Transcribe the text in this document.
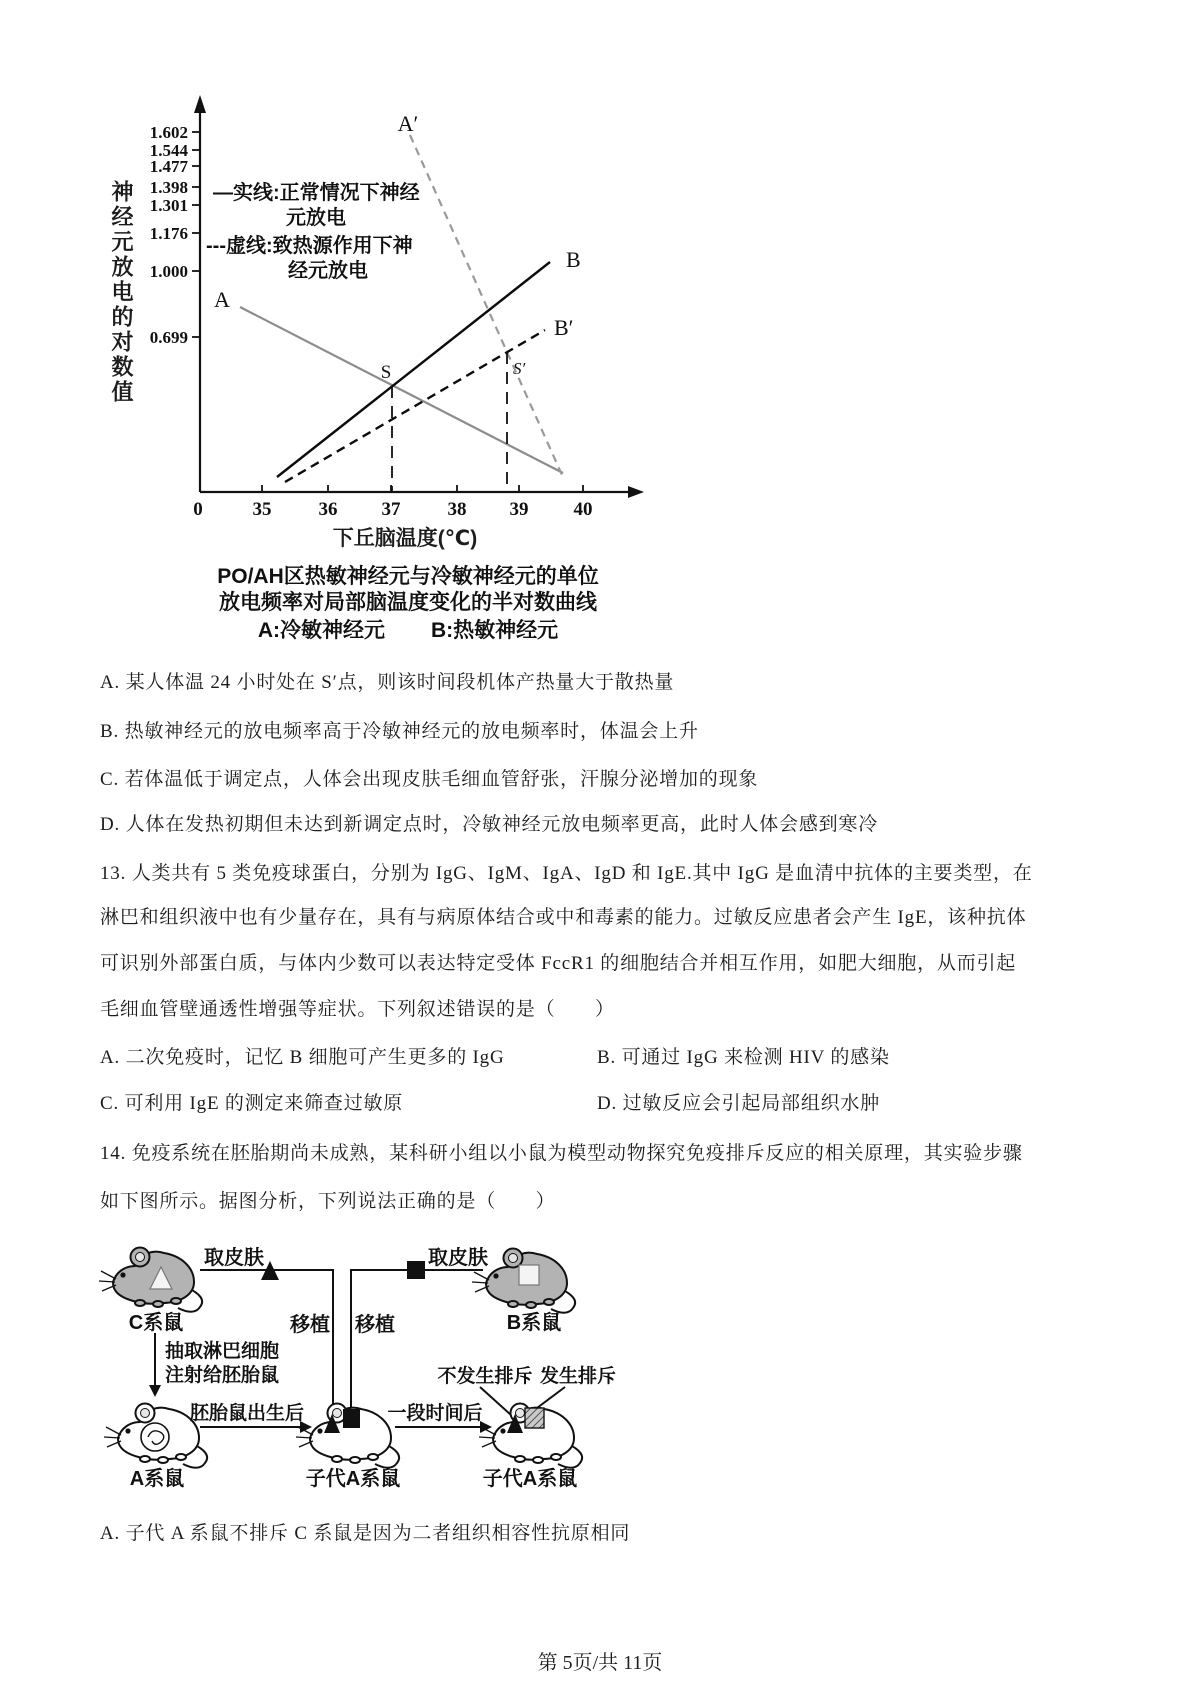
1.602
1.544
1.477
1.398
1.301
1.176
1.000
0.699
0	35 36 37 38 39 40
A
A′
B
B′
S	S′
神经元放电的对数值	—实线:正常情况下神经
元放电
---虚线:致热源作用下神
经元放电
下丘脑温度(℃)
PO/AH区热敏神经元与冷敏神经元的单位
放电频率对局部脑温度变化的半对数曲线
A:冷敏神经元 B:热敏神经元
A. 某人体温 24 小时处在 S′点，则该时间段机体产热量大于散热量
B. 热敏神经元的放电频率高于冷敏神经元的放电频率时，体温会上升
C. 若体温低于调定点，人体会出现皮肤毛细血管舒张，汗腺分泌增加的现象
D. 人体在发热初期但未达到新调定点时，冷敏神经元放电频率更高，此时人体会感到寒冷
13. 人类共有 5 类免疫球蛋白，分别为 IgG、IgM、IgA、IgD 和 IgE.其中 IgG 是血清中抗体的主要类型，在
淋巴和组织液中也有少量存在，具有与病原体结合或中和毒素的能力。过敏反应患者会产生 IgE，该种抗体
可识别外部蛋白质，与体内少数可以表达特定受体 FccR1 的细胞结合并相互作用，如肥大细胞，从而引起
毛细血管壁通透性增强等症状。下列叙述错误的是（　　）
A. 二次免疫时，记忆 B 细胞可产生更多的 IgG	B. 可通过 IgG 来检测 HIV 的感染
C. 可利用 IgE 的测定来筛查过敏原	D. 过敏反应会引起局部组织水肿
14. 免疫系统在胚胎期尚未成熟，某科研小组以小鼠为模型动物探究免疫排斥反应的相关原理，其实验步骤
如下图所示。据图分析，下列说法正确的是（　　）
取皮肤	取皮肤
C系鼠	B系鼠
移植 移植
抽取淋巴细胞
注射给胚胎鼠
A系鼠
胚胎鼠出生后
子代A系鼠
一段时间后
不发生排斥 发生排斥
子代A系鼠
A. 子代 A 系鼠不排斥 C 系鼠是因为二者组织相容性抗原相同
第 5页/共 11页
